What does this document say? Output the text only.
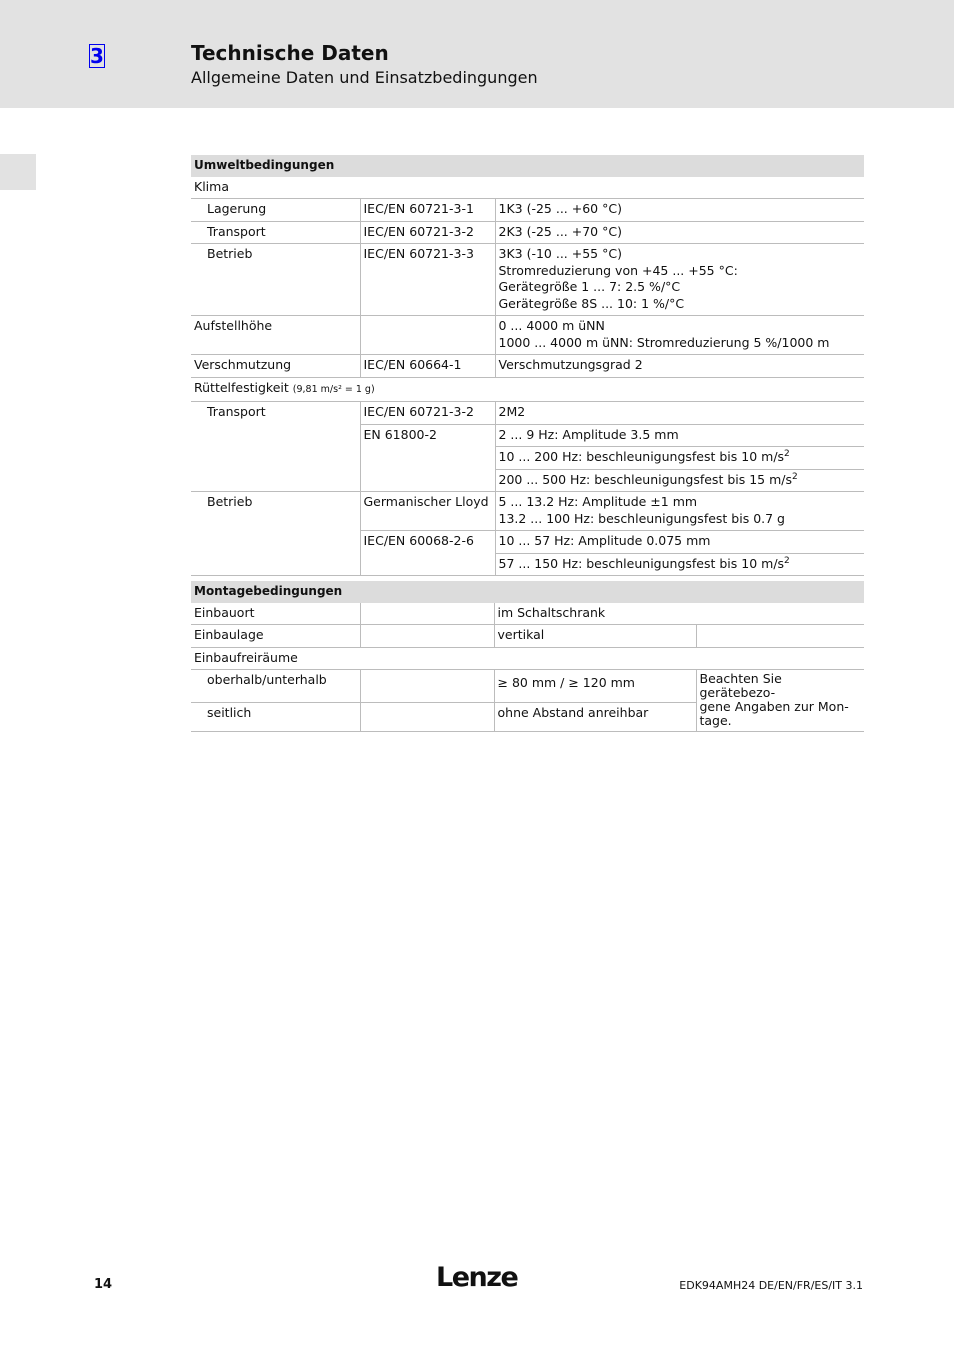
3	Technische Daten
Allgemeine Daten und Einsatzbedingungen
Umweltbedingungen		
Klima		
Lagerung	IEC/EN 60721-3-1	1K3 (-25 ... +60 °C)
Transport	IEC/EN 60721-3-2	2K3 (-25 ... +70 °C)
Betrieb	IEC/EN 60721-3-3	3K3 (-10 ... +55 °C)
Stromreduzierung von +45 ... +55 °C:
Gerätegröße 1 ... 7: 2.5 %/°C
Gerätegröße 8S ... 10: 1 %/°C

Aufstellhöhe		0 ... 4000 m üNN
1000 ... 4000 m üNN: Stromreduzierung 5 %/1000 m

Verschmutzung	IEC/EN 60664-1	Verschmutzungsgrad 2
Rüttelfestigkeit (9,81 m/s² = 1 g)		
Transport	IEC/EN 60721-3-2	2M2
	EN 61800-2	2 ... 9 Hz: Amplitude 3.5 mm
		10 ... 200 Hz: beschleunigungsfest bis 10 $m/s^2$
		200 ... 500 Hz: beschleunigungsfest bis 15 $m/s^2$
Betrieb	Germanischer Lloyd	5 ... 13.2 Hz: Amplitude ±1 mm
13.2 ... 100 Hz: beschleunigungsfest bis 0.7 g

	IEC/EN 60068-2-6	10 ... 57 Hz: Amplitude 0.075 mm
		57 ... 150 Hz: beschleunigungsfest bis 10 $m/s^2$
Montagebedingungen			
Einbauort		im Schaltschrank	
Einbaulage		vertikal	
Einbaufreiräume			
oberhalb/unterhalb		≥ 80 mm / ≥ 120 mm	Beachten Sie gerätebezo-
gene Angaben zur Mon-
tage.

seitlich		ohne Abstand anreihbar	
14	Lenze	EDK94AMH24 DE/EN/FR/ES/IT 3.1
